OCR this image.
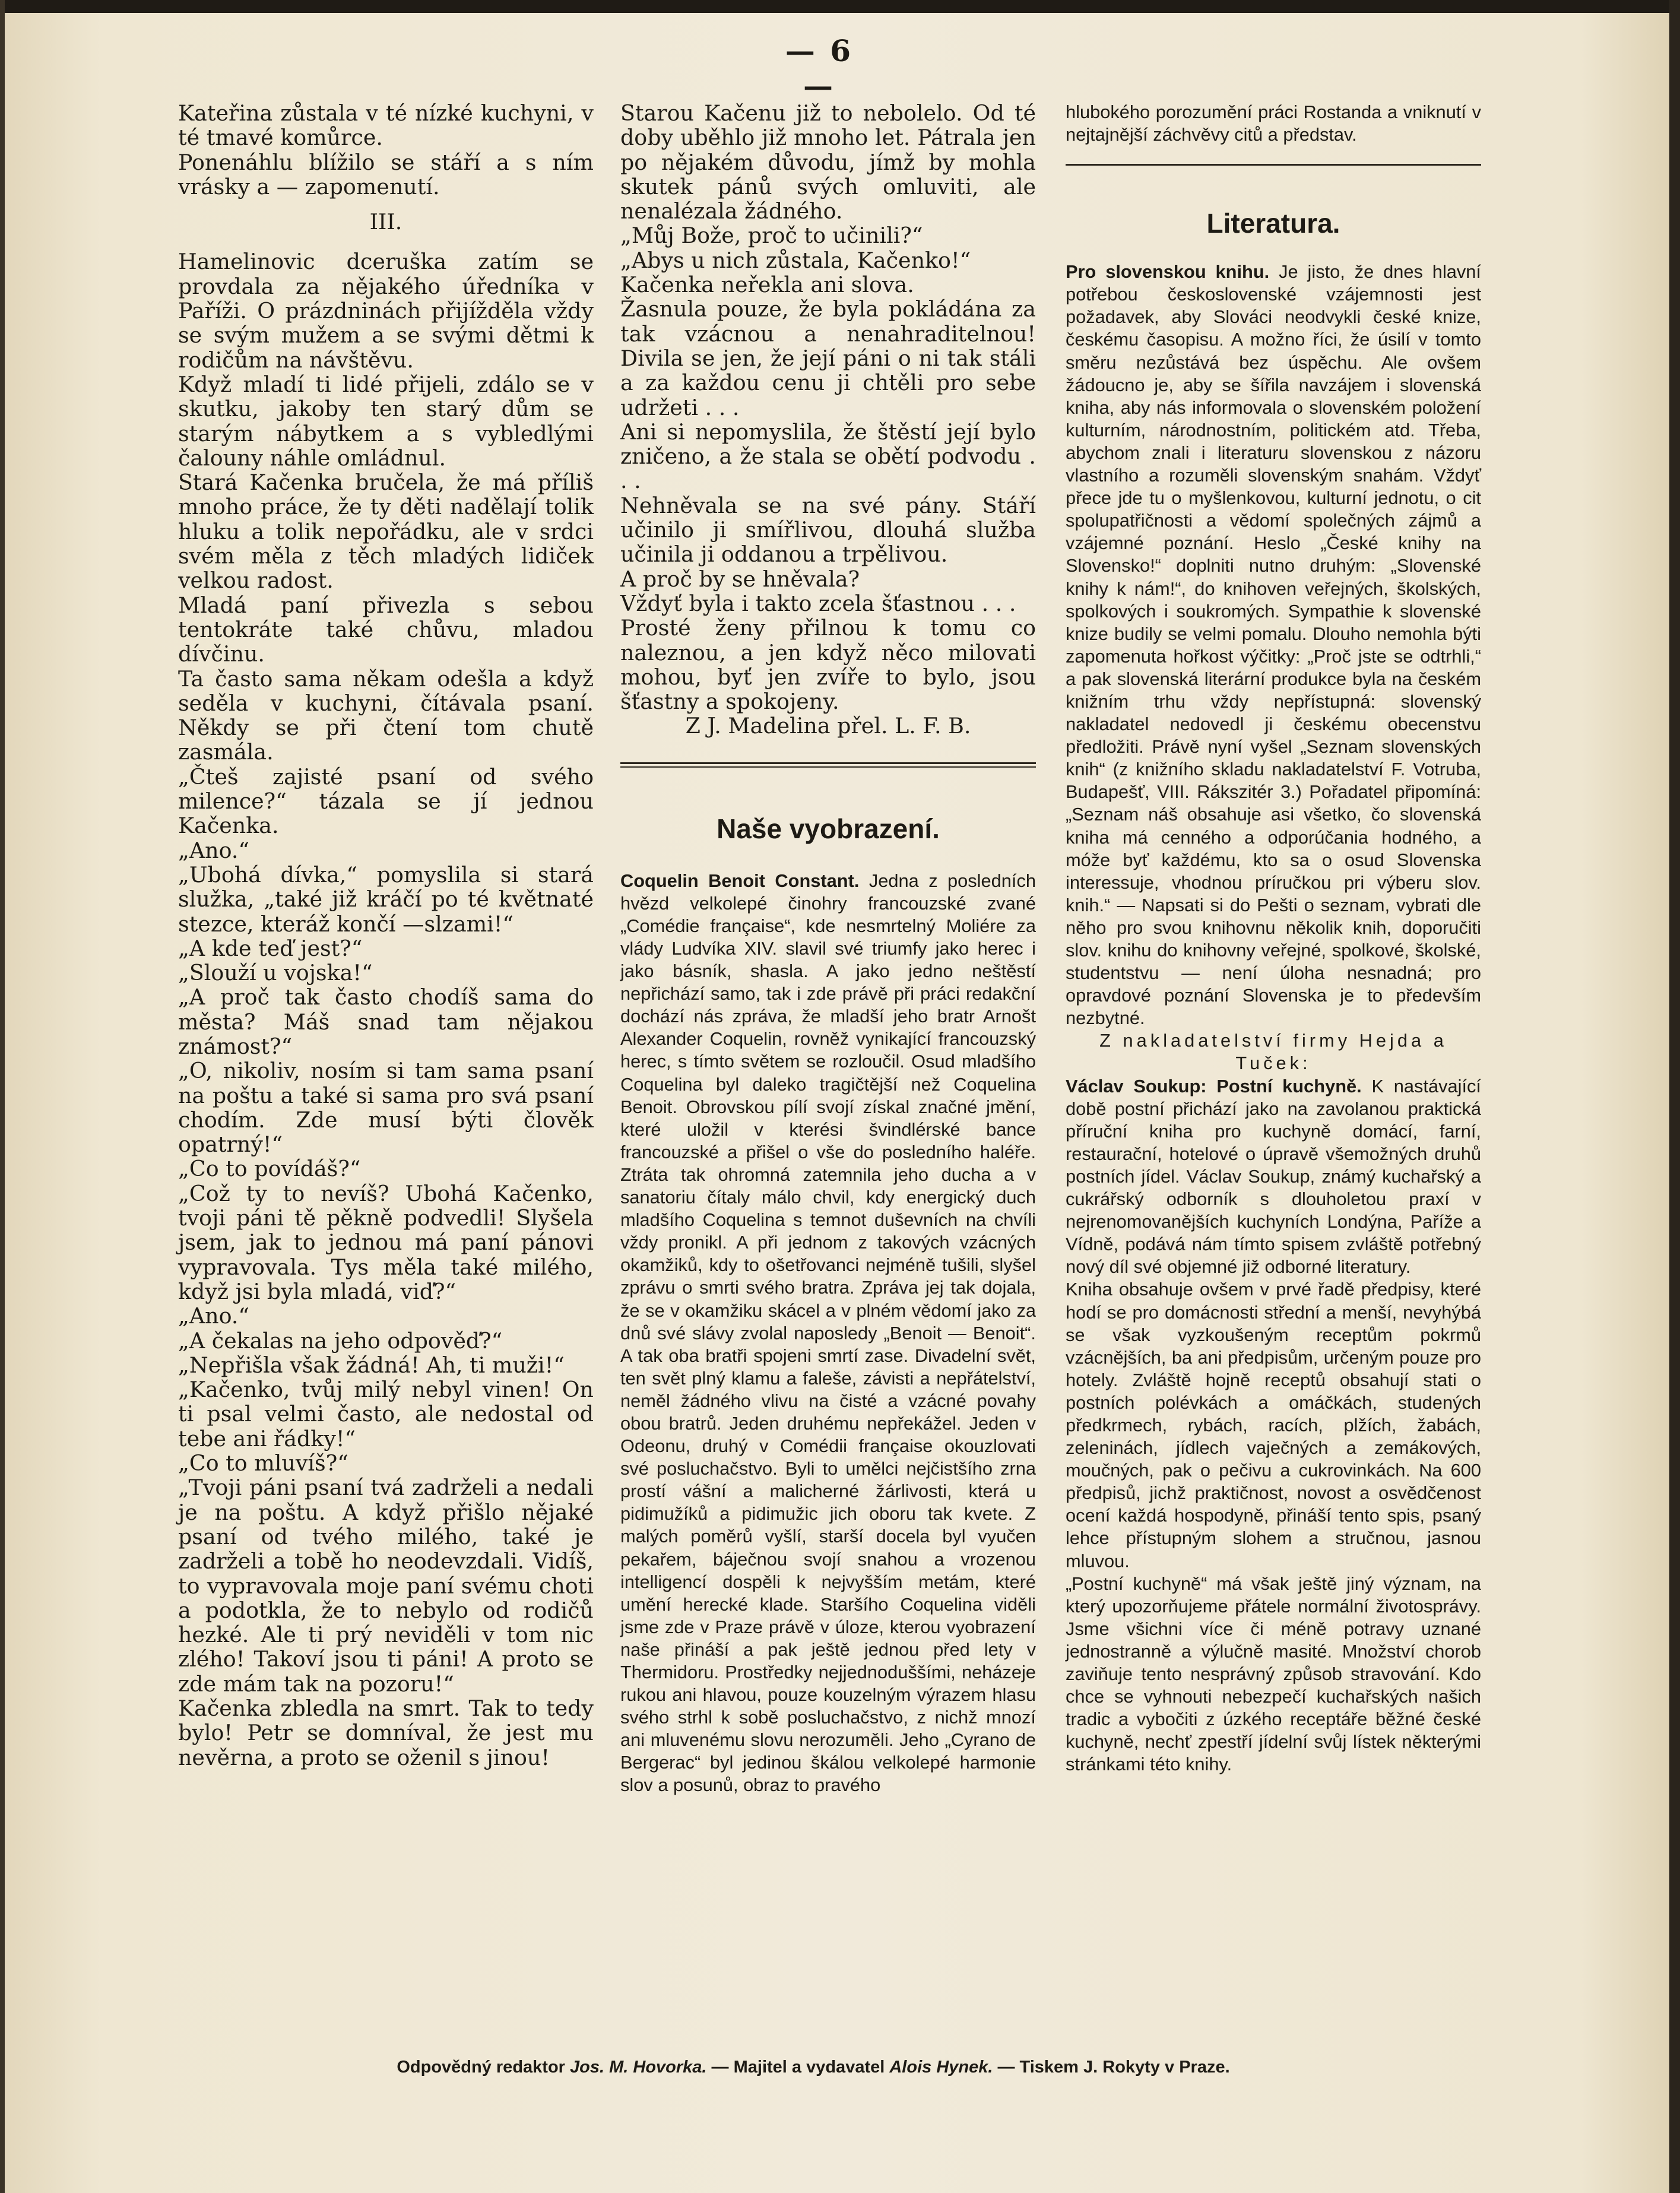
— 6 —

Kateřina zůstala v té nízké kuchyni, v té tmavé komůrce.

Ponenáhlu blížilo se stáří a s ním vrásky a — zapomenutí.

III.

Hamelinovic dceruška zatím se provdala za nějakého úředníka v Paříži. O prázdninách přijížděla vždy se svým mužem a se svými dětmi k rodičům na návštěvu.

Když mladí ti lidé přijeli, zdálo se v skutku, jakoby ten starý dům se starým nábytkem a s vybledlými čalouny náhle omládnul.

Stará Kačenka bručela, že má příliš mnoho práce, že ty děti nadělají tolik hluku a tolik nepořádku, ale v srdci svém měla z těch mladých lidiček velkou radost.

Mladá paní přivezla s sebou tentokráte také chůvu, mladou dívčinu.

Ta často sama někam odešla a když seděla v kuchyni, čítávala psaní. Někdy se při čtení tom chutě zasmála.

„Čteš zajisté psaní od svého milence?“ tázala se jí jednou Kačenka.

„Ano.“

„Ubohá dívka,“ pomyslila si stará služka, „také již kráčí po té květnaté stezce, kteráž končí —slzami!“

„A kde teď jest?“

„Slouží u vojska!“

„A proč tak často chodíš sama do města? Máš snad tam nějakou známost?“

„O, nikoliv, nosím si tam sama psaní na poštu a také si sama pro svá psaní chodím. Zde musí býti člověk opatrný!“

„Co to povídáš?“

„Což ty to nevíš? Ubohá Kačenko, tvoji páni tě pěkně podvedli! Slyšela jsem, jak to jednou má paní pánovi vypravovala. Tys měla také milého, když jsi byla mladá, viď?“

„Ano.“

„A čekalas na jeho odpověď?“

„Nepřišla však žádná! Ah, ti muži!“

„Kačenko, tvůj milý nebyl vinen! On ti psal velmi často, ale nedostal od tebe ani řádky!“

„Co to mluvíš?“

„Tvoji páni psaní tvá zadrželi a nedali je na poštu. A když přišlo nějaké psaní od tvého milého, také je zadrželi a tobě ho neodevzdali. Vidíš, to vypravovala moje paní svému choti a podotkla, že to nebylo od rodičů hezké. Ale ti prý neviděli v tom nic zlého! Takoví jsou ti páni! A proto se zde mám tak na pozoru!“

Kačenka zbledla na smrt. Tak to tedy bylo! Petr se domníval, že jest mu nevěrna, a proto se oženil s jinou!

Starou Kačenu již to nebolelo. Od té doby uběhlo již mnoho let. Pátrala jen po nějakém důvodu, jímž by mohla skutek pánů svých omluviti, ale nenalézala žádného.

„Můj Bože, proč to učinili?“

„Abys u nich zůstala, Kačenko!“

Kačenka neřekla ani slova.

Žasnula pouze, že byla pokládána za tak vzácnou a nenahraditelnou! Divila se jen, že její páni o ni tak stáli a za každou cenu ji chtěli pro sebe udržeti . . .

Ani si nepomyslila, že štěstí její bylo zničeno, a že stala se obětí podvodu . . .

Nehněvala se na své pány. Stáří učinilo ji smířlivou, dlouhá služba učinila ji oddanou a trpělivou.

A proč by se hněvala?

Vždyť byla i takto zcela šťastnou . . .

Prosté ženy přilnou k tomu co naleznou, a jen když něco milovati mohou, byť jen zvíře to bylo, jsou šťastny a spokojeny.

Z J. Madelina přel. L. F. B.

Naše vyobrazení.

Coquelin Benoit Constant. Jedna z posledních hvězd velkolepé činohry francouzské zvané „Comédie française“, kde nesmrtelný Moliére za vlády Ludvíka XIV. slavil své triumfy jako herec i jako básník, shasla. A jako jedno neštěstí nepřichází samo, tak i zde právě při práci redakční dochází nás zpráva, že mladší jeho bratr Arnošt Alexander Coquelin, rovněž vynikající francouzský herec, s tímto světem se rozloučil. Osud mladšího Coquelina byl daleko tragičtější než Coquelina Benoit. Obrovskou pílí svojí získal značné jmění, které uložil v kterési švindlérské bance francouzské a přišel o vše do posledního haléře. Ztráta tak ohromná zatemnila jeho ducha a v sanatoriu čítaly málo chvil, kdy energický duch mladšího Coquelina s temnot duševních na chvíli vždy pronikl. A při jednom z takových vzácných okamžiků, kdy to ošetřovanci nejméně tušili, slyšel zprávu o smrti svého bratra. Zpráva jej tak dojala, že se v okamžiku skácel a v plném vědomí jako za dnů své slávy zvolal naposledy „Benoit — Benoit“. A tak oba bratři spojeni smrtí zase. Divadelní svět, ten svět plný klamu a faleše, závisti a nepřátelství, neměl žádného vlivu na čisté a vzácné povahy obou bratrů. Jeden druhému nepřekážel. Jeden v Odeonu, druhý v Comédii française okouzlovati své posluchačstvo. Byli to umělci nejčistšího zrna prostí vášní a malicherné žárlivosti, která u pidimužíků a pidimužic jich oboru tak kvete. Z malých poměrů vyšlí, starší docela byl vyučen pekařem, báječnou svojí snahou a vrozenou intelligencí dospěli k nejvyšším metám, které umění herecké klade. Staršího Coquelina viděli jsme zde v Praze právě v úloze, kterou vyobrazení naše přináší a pak ještě jednou před lety v Thermidoru. Prostředky nejjednoduššími, neházeje rukou ani hlavou, pouze kouzelným výrazem hlasu svého strhl k sobě posluchačstvo, z nichž mnozí ani mluvenému slovu nerozuměli. Jeho „Cyrano de Bergerac“ byl jedinou škálou velkolepé harmonie slov a posunů, obraz to pravého

hlubokého porozumění práci Rostanda a vniknutí v nejtajnější záchvěvy citů a představ.

Literatura.

Pro slovenskou knihu. Je jisto, že dnes hlavní potřebou československé vzájemnosti jest požadavek, aby Slováci neodvykli české knize, českému časopisu. A možno říci, že úsilí v tomto směru nezůstává bez úspěchu. Ale ovšem žádoucno je, aby se šířila navzájem i slovenská kniha, aby nás informovala o slovenském položení kulturním, národnostním, politickém atd. Třeba, abychom znali i literaturu slovenskou z názoru vlastního a rozuměli slovenským snahám. Vždyť přece jde tu o myšlenkovou, kulturní jednotu, o cit spolupatřičnosti a vědomí společných zájmů a vzájemné poznání. Heslo „České knihy na Slovensko!“ doplniti nutno druhým: „Slovenské knihy k nám!“, do knihoven veřejných, školských, spolkových i soukromých. Sympathie k slovenské knize budily se velmi pomalu. Dlouho nemohla býti zapomenuta hořkost výčitky: „Proč jste se odtrhli,“ a pak slovenská literární produkce byla na českém knižním trhu vždy nepřístupná: slovenský nakladatel nedovedl ji českému obecenstvu předložiti. Právě nyní vyšel „Seznam slovenských knih“ (z knižního skladu nakladatelství F. Votruba, Budapešť, VIII. Rákszitér 3.) Pořadatel připomíná: „Seznam náš obsahuje asi všetko, čo slovenská kniha má cenného a odporúčania hodného, a móže byť každému, kto sa o osud Slovenska interessuje, vhodnou príručkou pri výberu slov. knih.“ — Napsati si do Pešti o seznam, vybrati dle něho pro svou knihovnu několik knih, doporučiti slov. knihu do knihovny veřejné, spolkové, školské, studentstvu — není úloha nesnadná; pro opravdové poznání Slovenska je to především nezbytné.

Z nakladatelství firmy Hejda a Tuček:

Václav Soukup: Postní kuchyně. K nastávající době postní přichází jako na zavolanou praktická příruční kniha pro kuchyně domácí, farní, restaurační, hotelové o úpravě všemožných druhů postních jídel. Václav Soukup, známý kuchařský a cukrářský odborník s dlouholetou praxí v nejrenomovanějších kuchyních Londýna, Paříže a Vídně, podává nám tímto spisem zvláště potřebný nový díl své objemné již odborné literatury.

Kniha obsahuje ovšem v prvé řadě předpisy, které hodí se pro domácnosti střední a menší, nevyhýbá se však vyzkoušeným receptům pokrmů vzácnějších, ba ani předpisům, určeným pouze pro hotely. Zvláště hojně receptů obsahují stati o postních polévkách a omáčkách, studených předkrmech, rybách, racích, plžích, žabách, zeleninách, jídlech vaječných a zemákových, moučných, pak o pečivu a cukrovinkách. Na 600 předpisů, jichž praktičnost, novost a osvědčenost ocení každá hospodyně, přináší tento spis, psaný lehce přístupným slohem a stručnou, jasnou mluvou.

„Postní kuchyně“ má však ještě jiný význam, na který upozorňujeme přátele normální životosprávy. Jsme všichni více či méně potravy uznané jednostranně a výlučně masité. Množství chorob zaviňuje tento nesprávný způsob stravování. Kdo chce se vyhnouti nebezpečí kuchařských našich tradic a vybočiti z úzkého receptáře běžné české kuchyně, nechť zpestří jídelní svůj lístek některými stránkami této knihy.

Odpovědný redaktor Jos. M. Hovorka. — Majitel a vydavatel Alois Hynek. — Tiskem J. Rokyty v Praze.
